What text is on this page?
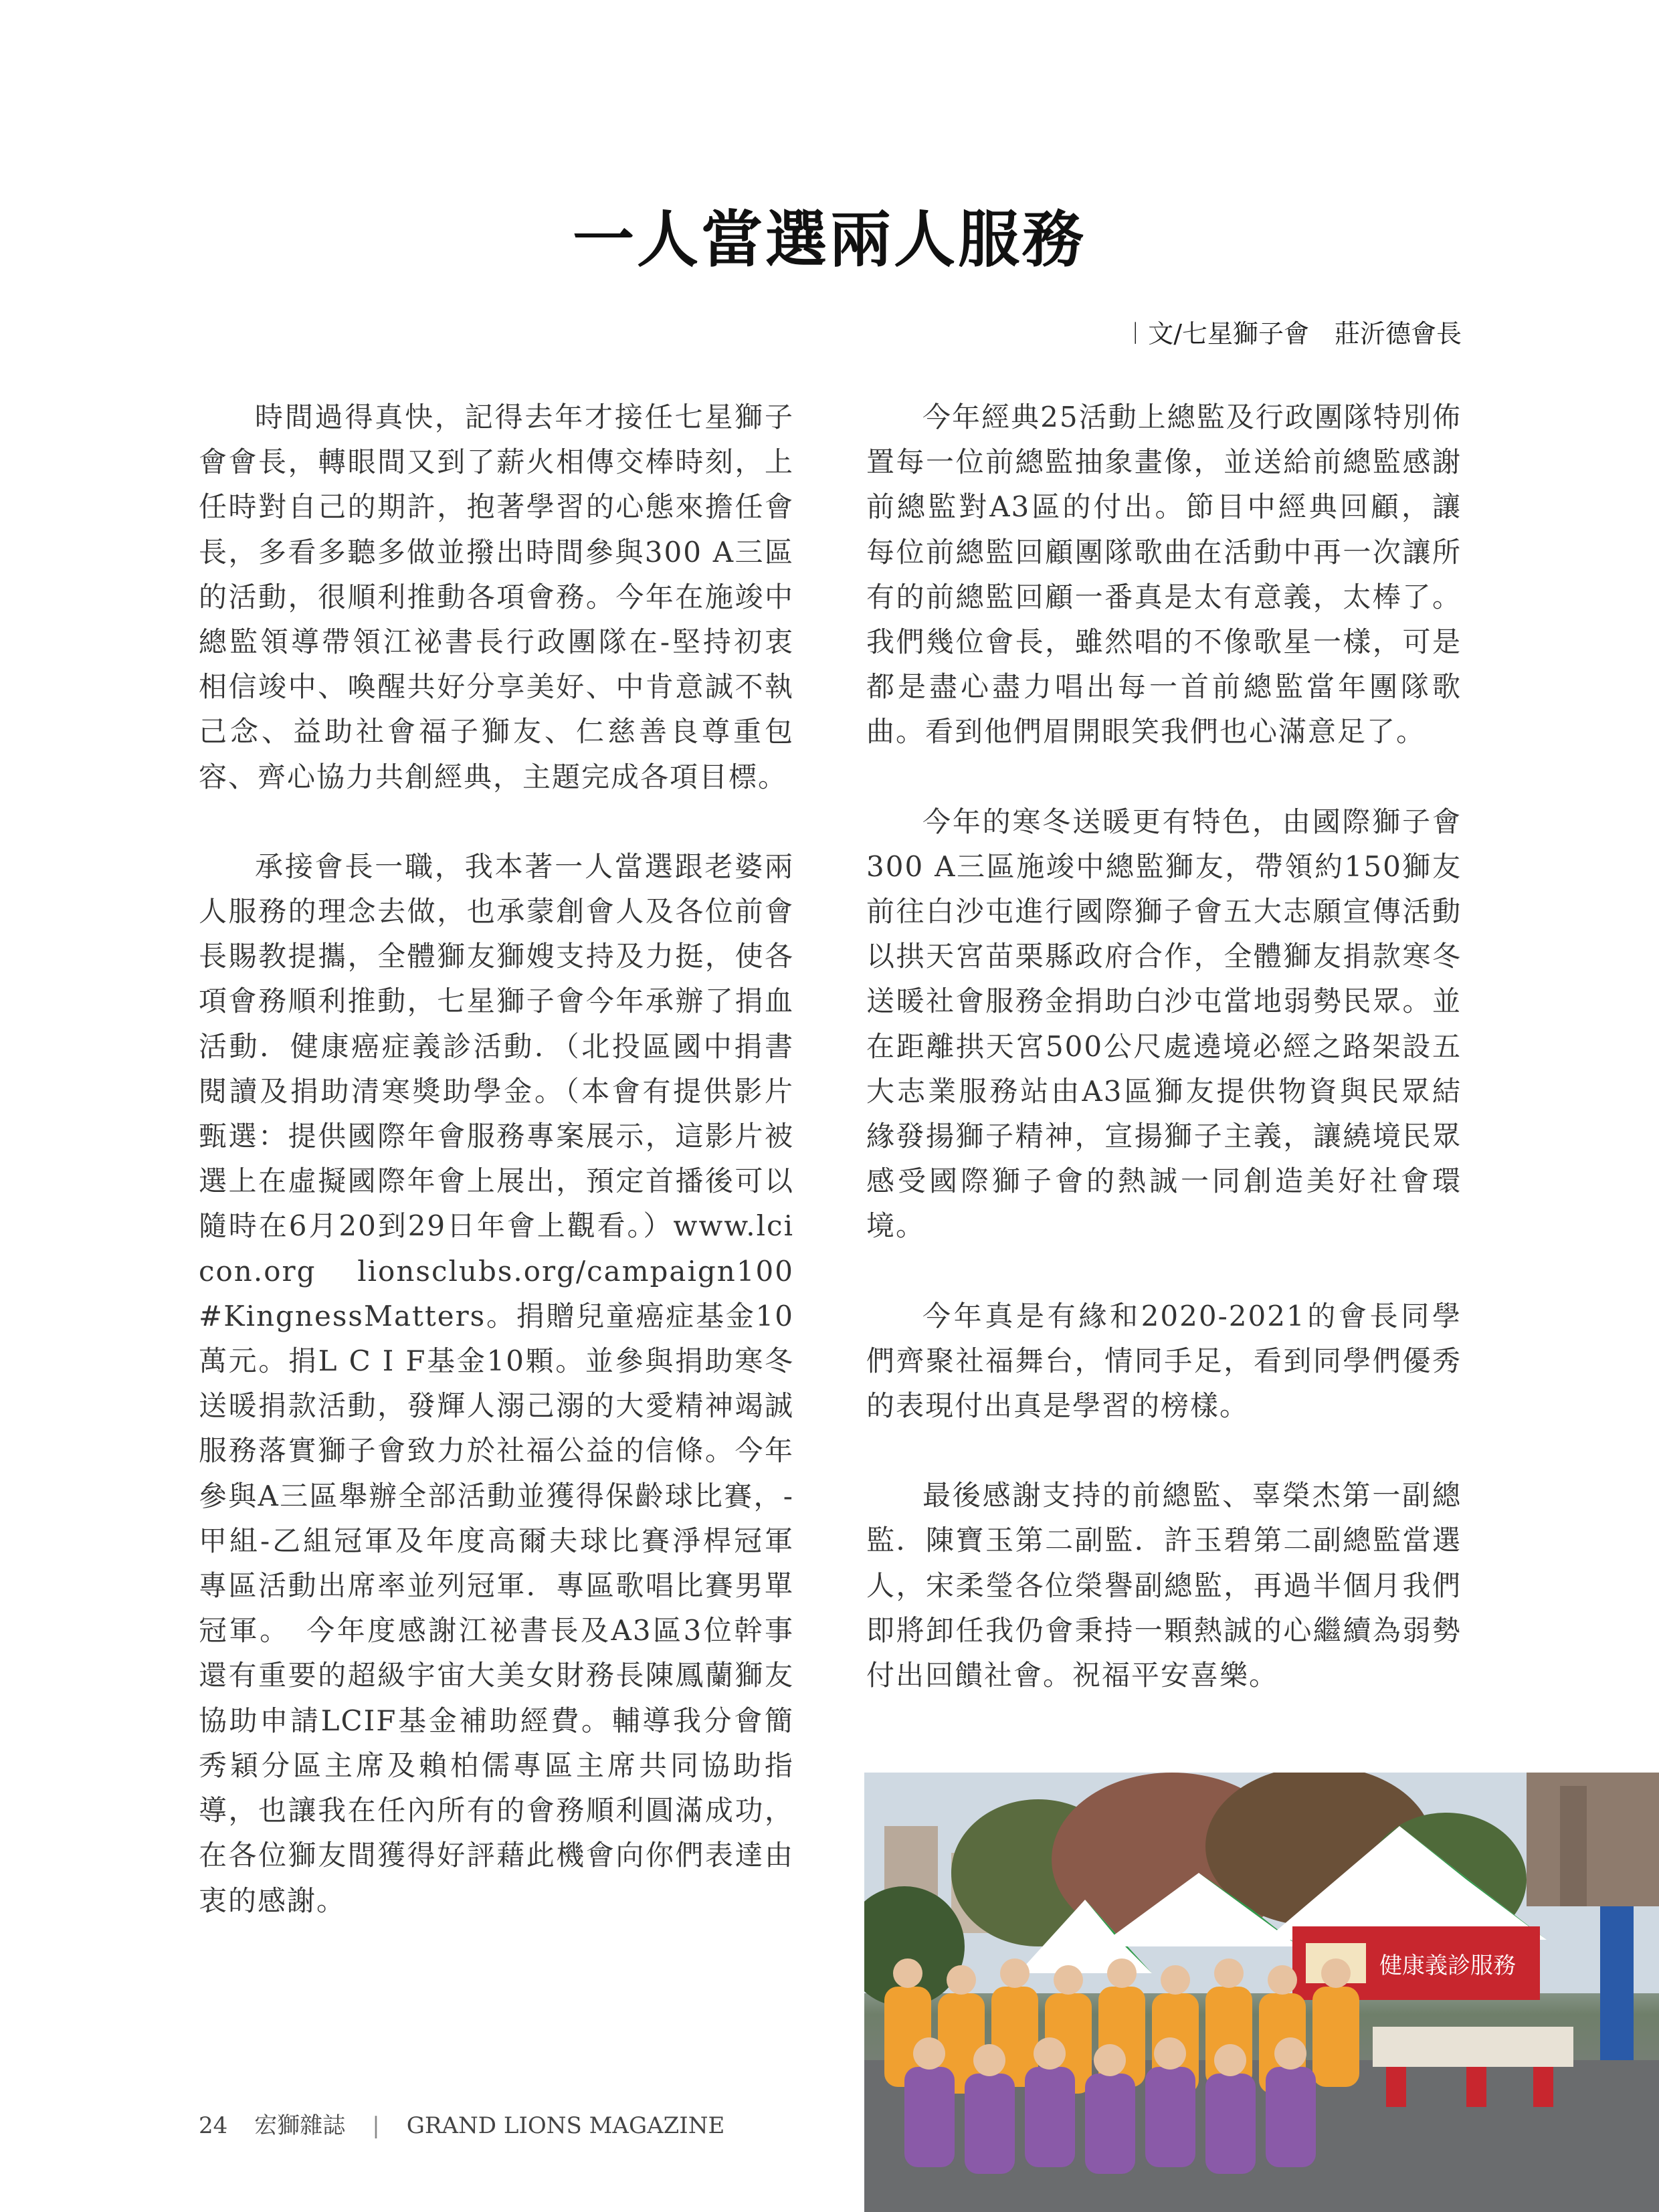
一人當選兩人服務
︱文/七星獅子會　莊沂德會長

時間過得真快，記得去年才接任七星獅子會會長，轉眼間又到了薪火相傳交棒時刻，上任時對自己的期許，抱著學習的心態來擔任會長，多看多聽多做並撥出時間參與300 A三區的活動，很順利推動各項會務。今年在施竣中總監領導帶領江祕書長行政團隊在-堅持初衷相信竣中、喚醒共好分享美好、中肯意誠不執己念、益助社會福子獅友、仁慈善良尊重包容、齊心協力共創經典，主題完成各項目標。

承接會長一職，我本著一人當選跟老婆兩人服務的理念去做，也承蒙創會人及各位前會長賜教提攜，全體獅友獅嫂支持及力挺，使各項會務順利推動，七星獅子會今年承辦了捐血活動．健康癌症義診活動．（北投區國中捐書閱讀及捐助清寒獎助學金。（本會有提供影片甄選：提供國際年會服務專案展示，這影片被選上在虛擬國際年會上展出，預定首播後可以隨時在6月20到29日年會上觀看。）www.lcicon.org　lionsclubs.org/campaign100 #KingnessMatters。捐贈兒童癌症基金10萬元。捐L C I F基金10顆。並參與捐助寒冬送暖捐款活動，發輝人溺己溺的大愛精神竭誠服務落實獅子會致力於社福公益的信條。今年參與A三區舉辦全部活動並獲得保齡球比賽，-甲組-乙組冠軍及年度高爾夫球比賽淨桿冠軍專區活動出席率並列冠軍．專區歌唱比賽男單冠軍。　今年度感謝江祕書長及A3區3位幹事還有重要的超級宇宙大美女財務長陳鳳蘭獅友協助申請LCIF基金補助經費。輔導我分會簡秀穎分區主席及賴柏儒專區主席共同協助指導，也讓我在任內所有的會務順利圓滿成功，在各位獅友間獲得好評藉此機會向你們表達由衷的感謝。

今年經典25活動上總監及行政團隊特別佈置每一位前總監抽象畫像，並送給前總監感謝前總監對A3區的付出。節目中經典回顧，讓每位前總監回顧團隊歌曲在活動中再一次讓所有的前總監回顧一番真是太有意義，太棒了。我們幾位會長，雖然唱的不像歌星一樣，可是都是盡心盡力唱出每一首前總監當年團隊歌曲。看到他們眉開眼笑我們也心滿意足了。

今年的寒冬送暖更有特色，由國際獅子會300 A三區施竣中總監獅友，帶領約150獅友前往白沙屯進行國際獅子會五大志願宣傳活動以拱天宮苗栗縣政府合作，全體獅友捐款寒冬送暖社會服務金捐助白沙屯當地弱勢民眾。並在距離拱天宮500公尺處遶境必經之路架設五大志業服務站由A3區獅友提供物資與民眾結緣發揚獅子精神，宣揚獅子主義，讓繞境民眾感受國際獅子會的熱誠一同創造美好社會環境。

今年真是有緣和2020-2021的會長同學們齊聚社福舞台，情同手足，看到同學們優秀的表現付出真是學習的榜樣。

最後感謝支持的前總監、辜榮杰第一副總監．陳寶玉第二副監．許玉碧第二副總監當選人，宋柔瑩各位榮譽副總監，再過半個月我們即將卸任我仍會秉持一顆熱誠的心繼續為弱勢付出回饋社會。祝福平安喜樂。

健康義診服務
24 宏獅雜誌 | GRAND LIONS MAGAZINE
